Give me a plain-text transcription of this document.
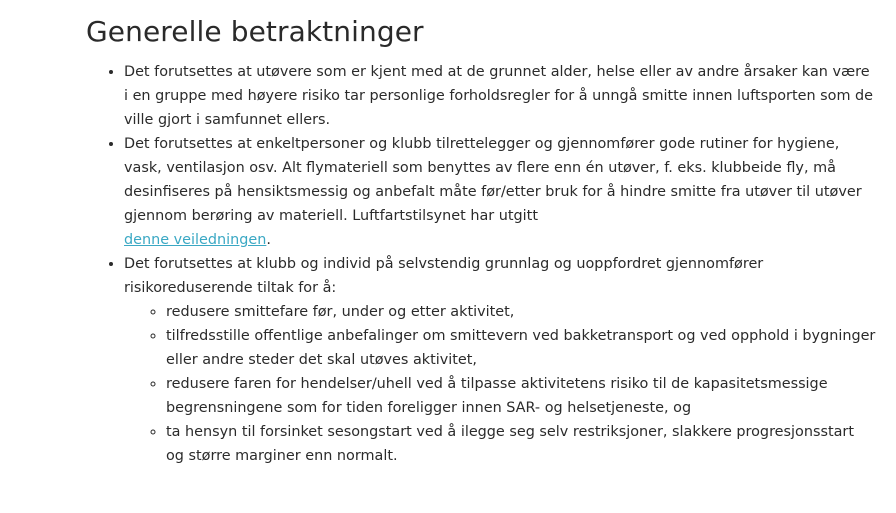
Generelle betraktninger
• Det forutsettes at utøvere som er kjent med at de grunnet alder, helse eller av andre årsaker kan være i en gruppe med høyere risiko tar personlige forholdsregler for å unngå smitte innen luftsporten som de ville gjort i samfunnet ellers.
• Det forutsettes at enkeltpersoner og klubb tilrettelegger og gjennomfører gode rutiner for hygiene, vask, ventilasjon osv. Alt flymateriell som benyttes av flere enn én utøver, f. eks. klubbeide fly, må desinfiseres på hensiktsmessig og anbefalt måte før/etter bruk for å hindre smitte fra utøver til utøver gjennom berøring av materiell. Luftfartstilsynet har utgitt
denne veiledningen.
• Det forutsettes at klubb og individ på selvstendig grunnlag og uoppfordret gjennomfører risikoreduserende tiltak for å:
◦ redusere smittefare før, under og etter aktivitet,
◦ tilfredsstille offentlige anbefalinger om smittevern ved bakketransport og ved opphold i bygninger eller andre steder det skal utøves aktivitet,
◦ redusere faren for hendelser/uhell ved å tilpasse aktivitetens risiko til de kapasitetsmessige begrensningene som for tiden foreligger innen SAR- og helsetjeneste, og
◦ ta hensyn til forsinket sesongstart ved å ilegge seg selv restriksjoner, slakkere progresjonsstart og større marginer enn normalt.
